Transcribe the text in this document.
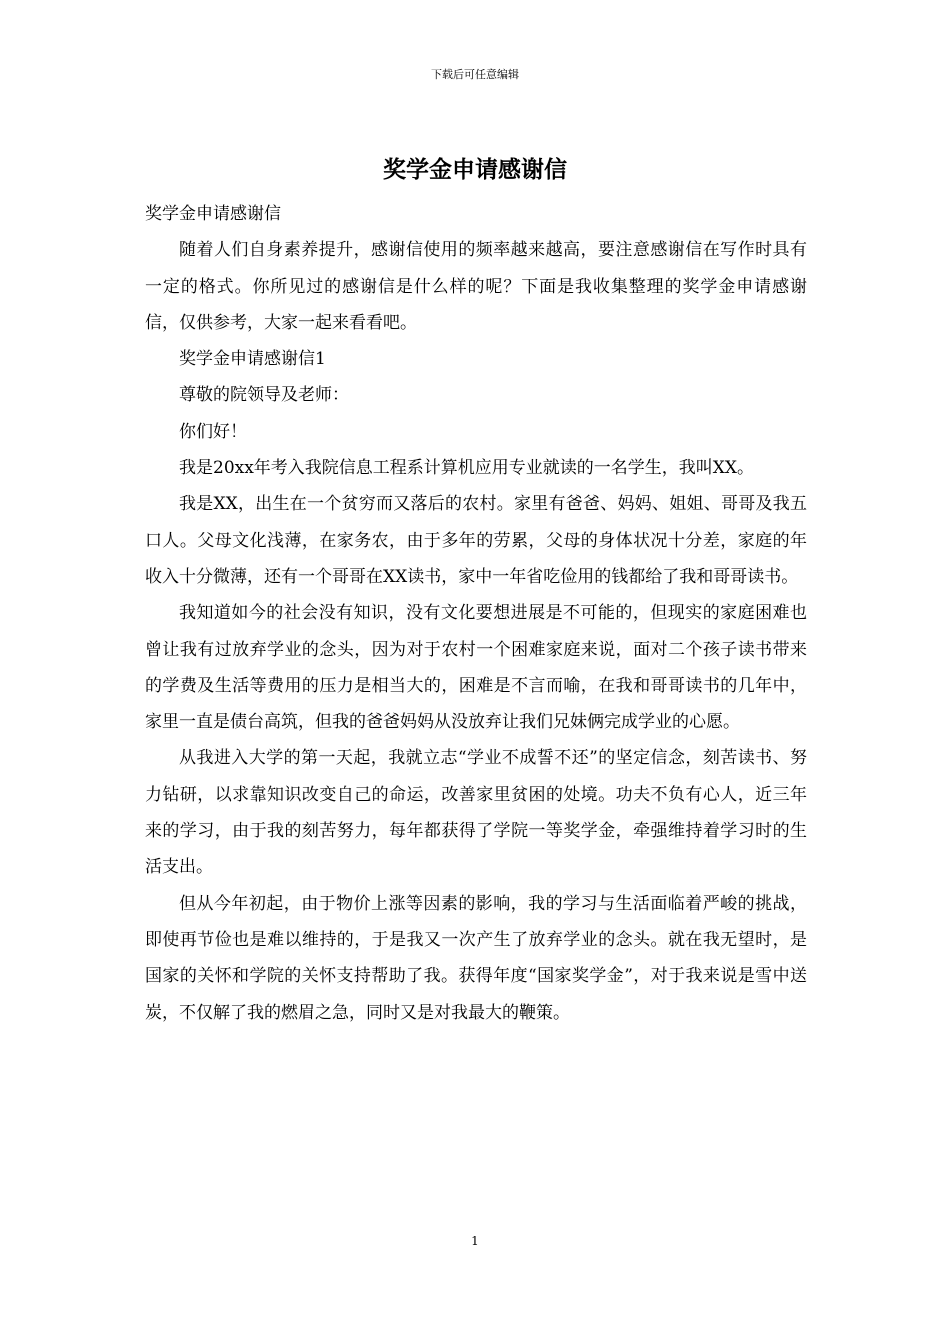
下载后可任意编辑
奖学金申请感谢信

奖学金申请感谢信

随着人们自身素养提升，感谢信使用的频率越来越高，要注意感谢信在写作时具有一定的格式。你所见过的感谢信是什么样的呢？下面是我收集整理的奖学金申请感谢信，仅供参考，大家一起来看看吧。

奖学金申请感谢信1

尊敬的院领导及老师：

你们好！

我是20xx年考入我院信息工程系计算机应用专业就读的一名学生，我叫XX。

我是XX，出生在一个贫穷而又落后的农村。家里有爸爸、妈妈、姐姐、哥哥及我五口人。父母文化浅薄，在家务农，由于多年的劳累，父母的身体状况十分差，家庭的年收入十分微薄，还有一个哥哥在XX读书，家中一年省吃俭用的钱都给了我和哥哥读书。

我知道如今的社会没有知识，没有文化要想进展是不可能的，但现实的家庭困难也曾让我有过放弃学业的念头，因为对于农村一个困难家庭来说，面对二个孩子读书带来的学费及生活等费用的压力是相当大的，困难是不言而喻，在我和哥哥读书的几年中，家里一直是债台高筑，但我的爸爸妈妈从没放弃让我们兄妹俩完成学业的心愿。

从我进入大学的第一天起，我就立志“学业不成誓不还”的坚定信念，刻苦读书、努力钻研，以求靠知识改变自己的命运，改善家里贫困的处境。功夫不负有心人，近三年来的学习，由于我的刻苦努力，每年都获得了学院一等奖学金，牵强维持着学习时的生活支出。

但从今年初起，由于物价上涨等因素的影响，我的学习与生活面临着严峻的挑战，即使再节俭也是难以维持的，于是我又一次产生了放弃学业的念头。就在我无望时，是国家的关怀和学院的关怀支持帮助了我。获得年度“国家奖学金”，对于我来说是雪中送炭，不仅解了我的燃眉之急，同时又是对我最大的鞭策。

1
